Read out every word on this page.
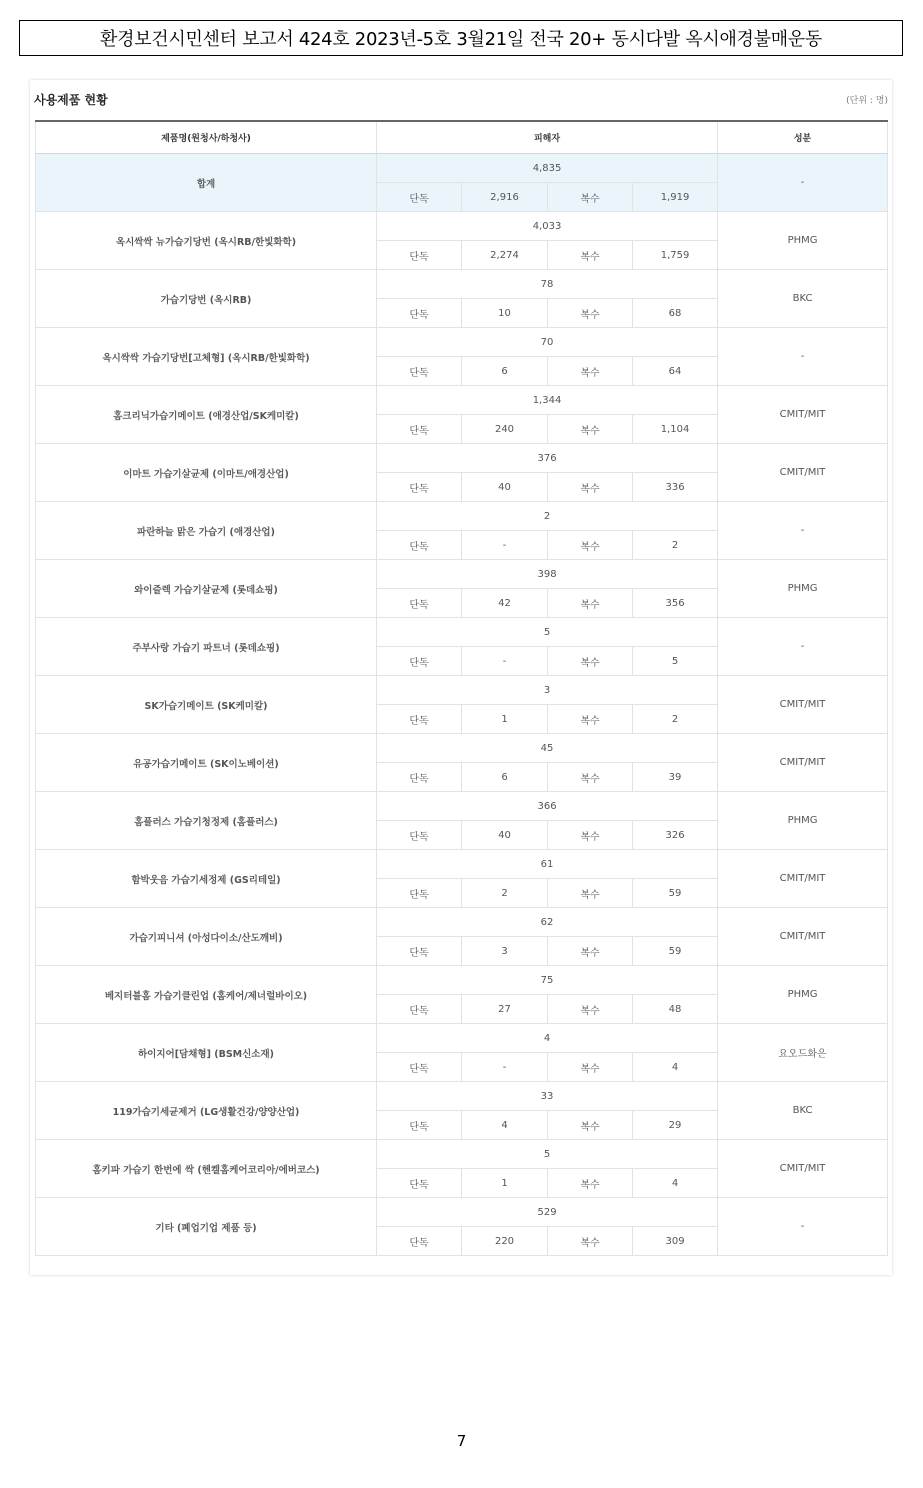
환경보건시민센터 보고서 424호 2023년-5호 3월21일 전국 20+ 동시다발 옥시애경불매운동
사용제품 현황	(단위 : 명)
제품명(원청사/하청사)	피해자				성분
합계	4,835				-
	단독	2,916	복수	1,919	
옥시싹싹 뉴가습기당번 (옥시RB/한빛화학)	4,033				PHMG
	단독	2,274	복수	1,759	
가습기당번 (옥시RB)	78				BKC
	단독	10	복수	68	
옥시싹싹 가습기당번[고체형] (옥시RB/한빛화학)	70				-
	단독	6	복수	64	
홈크리닉가습기메이트 (애경산업/SK케미칼)	1,344				CMIT/MIT
	단독	240	복수	1,104	
이마트 가습기살균제 (이마트/애경산업)	376				CMIT/MIT
	단독	40	복수	336	
파란하늘 맑은 가습기 (애경산업)	2				-
	단독	-	복수	2	
와이즐렉 가습기살균제 (롯데쇼핑)	398				PHMG
	단독	42	복수	356	
주부사랑 가습기 파트너 (롯데쇼핑)	5				-
	단독	-	복수	5	
SK가습기메이트 (SK케미칼)	3				CMIT/MIT
	단독	1	복수	2	
유공가습기메이트 (SK이노베이션)	45				CMIT/MIT
	단독	6	복수	39	
홈플러스 가습기청정제 (홈플러스)	366				PHMG
	단독	40	복수	326	
함박웃음 가습기세정제 (GS리테일)	61				CMIT/MIT
	단독	2	복수	59	
가습기피니셔 (아성다이소/산도깨비)	62				CMIT/MIT
	단독	3	복수	59	
베지터블홈 가습기클린업 (홈케어/제너럴바이오)	75				PHMG
	단독	27	복수	48	
하이지어[담채형] (BSM신소재)	4				요오드화은
	단독	-	복수	4	
119가습기세균제거 (LG생활건강/양양산업)	33				BKC
	단독	4	복수	29	
홈키파 가습기 한번에 싹 (헨켈홈케어코리아/에버코스)	5				CMIT/MIT
	단독	1	복수	4	
기타 (폐업기업 제품 등)	529				-
	단독	220	복수	309	
7
